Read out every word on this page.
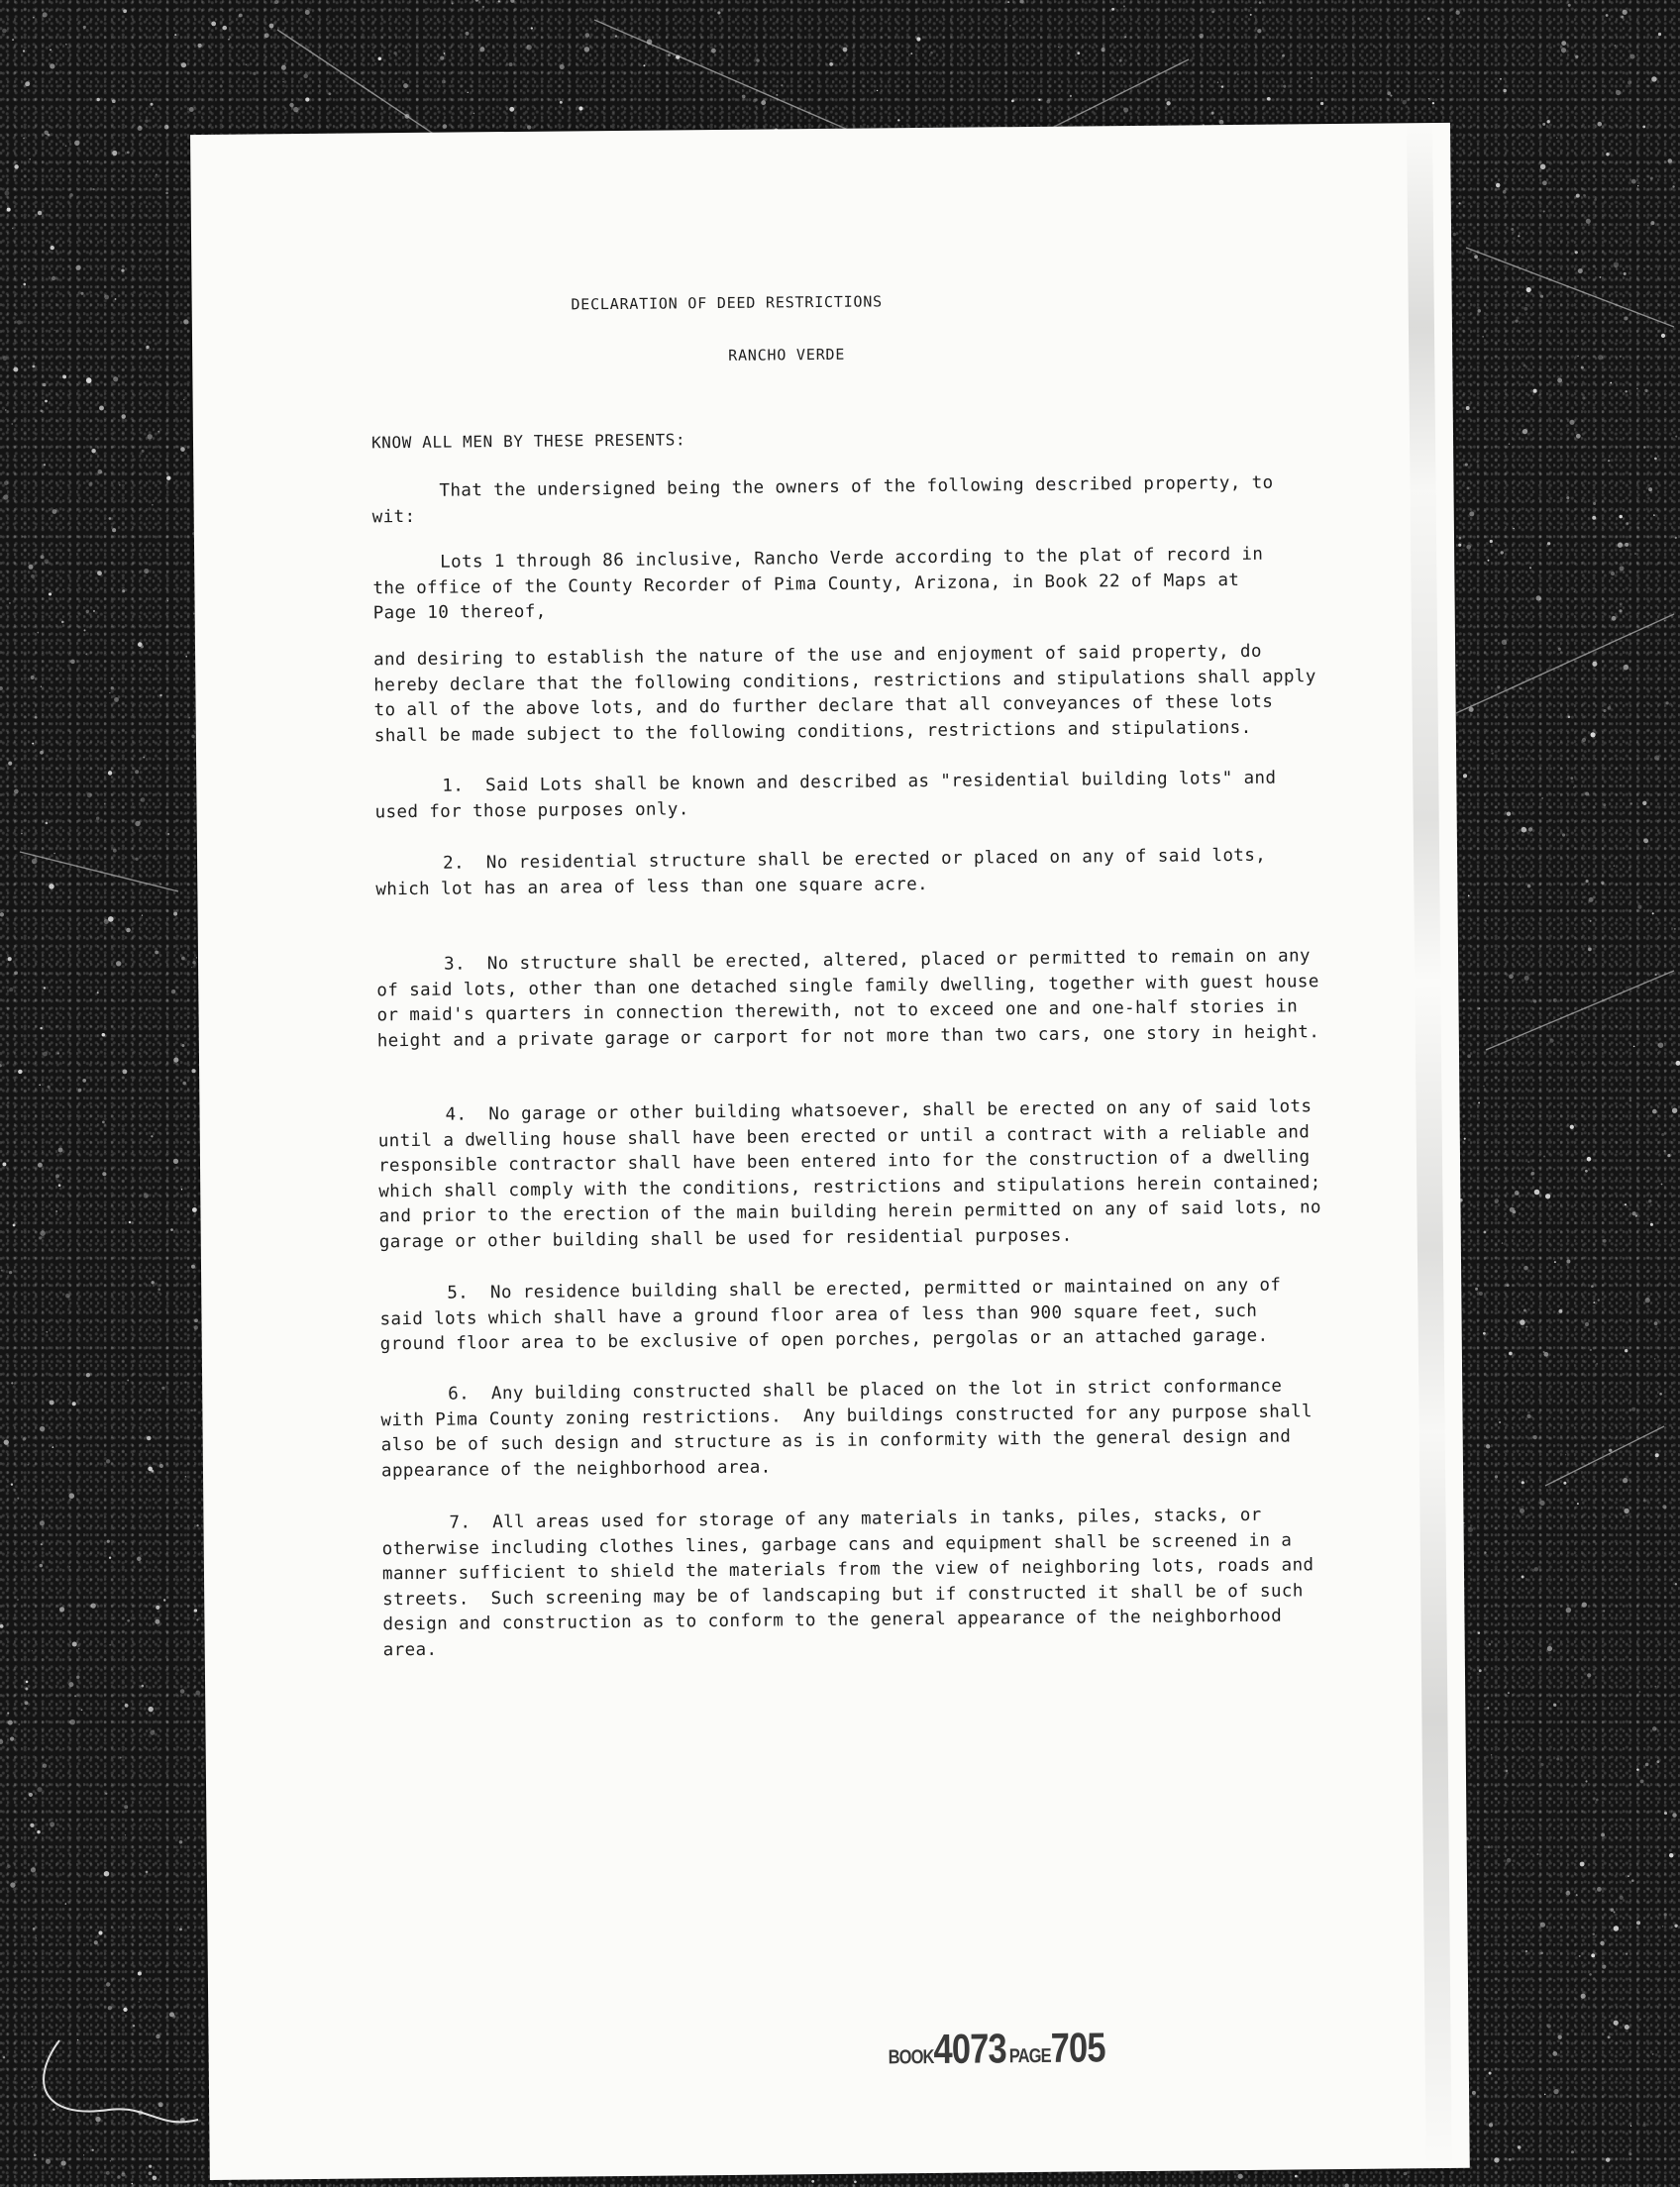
DECLARATION OF DEED RESTRICTIONS
RANCHO VERDE
KNOW ALL MEN BY THESE PRESENTS:
That the undersigned being the owners of the following described property, to wit:
Lots 1 through 86 inclusive, Rancho Verde according to the plat of record in the office of the County Recorder of Pima County, Arizona, in Book 22 of Maps at Page 10 thereof,
and desiring to establish the nature of the use and enjoyment of said property, do hereby declare that the following conditions, restrictions and stipulations shall apply to all of the above lots, and do further declare that all conveyances of these lots shall be made subject to the following conditions, restrictions and stipulations.
1.  Said Lots shall be known and described as "residential building lots" and used for those purposes only.
2.  No residential structure shall be erected or placed on any of said lots, which lot has an area of less than one square acre.
3.  No structure shall be erected, altered, placed or permitted to remain on any of said lots, other than one detached single family dwelling, together with guest house or maid's quarters in connection therewith, not to exceed one and one-half stories in height and a private garage or carport for not more than two cars, one story in height.
4.  No garage or other building whatsoever, shall be erected on any of said lots until a dwelling house shall have been erected or until a contract with a reliable and responsible contractor shall have been entered into for the construction of a dwelling which shall comply with the conditions, restrictions and stipulations herein contained; and prior to the erection of the main building herein permitted on any of said lots, no garage or other building shall be used for residential purposes.
5.  No residence building shall be erected, permitted or maintained on any of said lots which shall have a ground floor area of less than 900 square feet, such ground floor area to be exclusive of open porches, pergolas or an attached garage.
6.  Any building constructed shall be placed on the lot in strict conformance with Pima County zoning restrictions.  Any buildings constructed for any purpose shall also be of such design and structure as is in conformity with the general design and appearance of the neighborhood area.
7.  All areas used for storage of any materials in tanks, piles, stacks, or otherwise including clothes lines, garbage cans and equipment shall be screened in a manner sufficient to shield the materials from the view of neighboring lots, roads and streets.  Such screening may be of landscaping but if constructed it shall be of such design and construction as to conform to the general appearance of the neighborhood area.
BOOK4073 PAGE705
